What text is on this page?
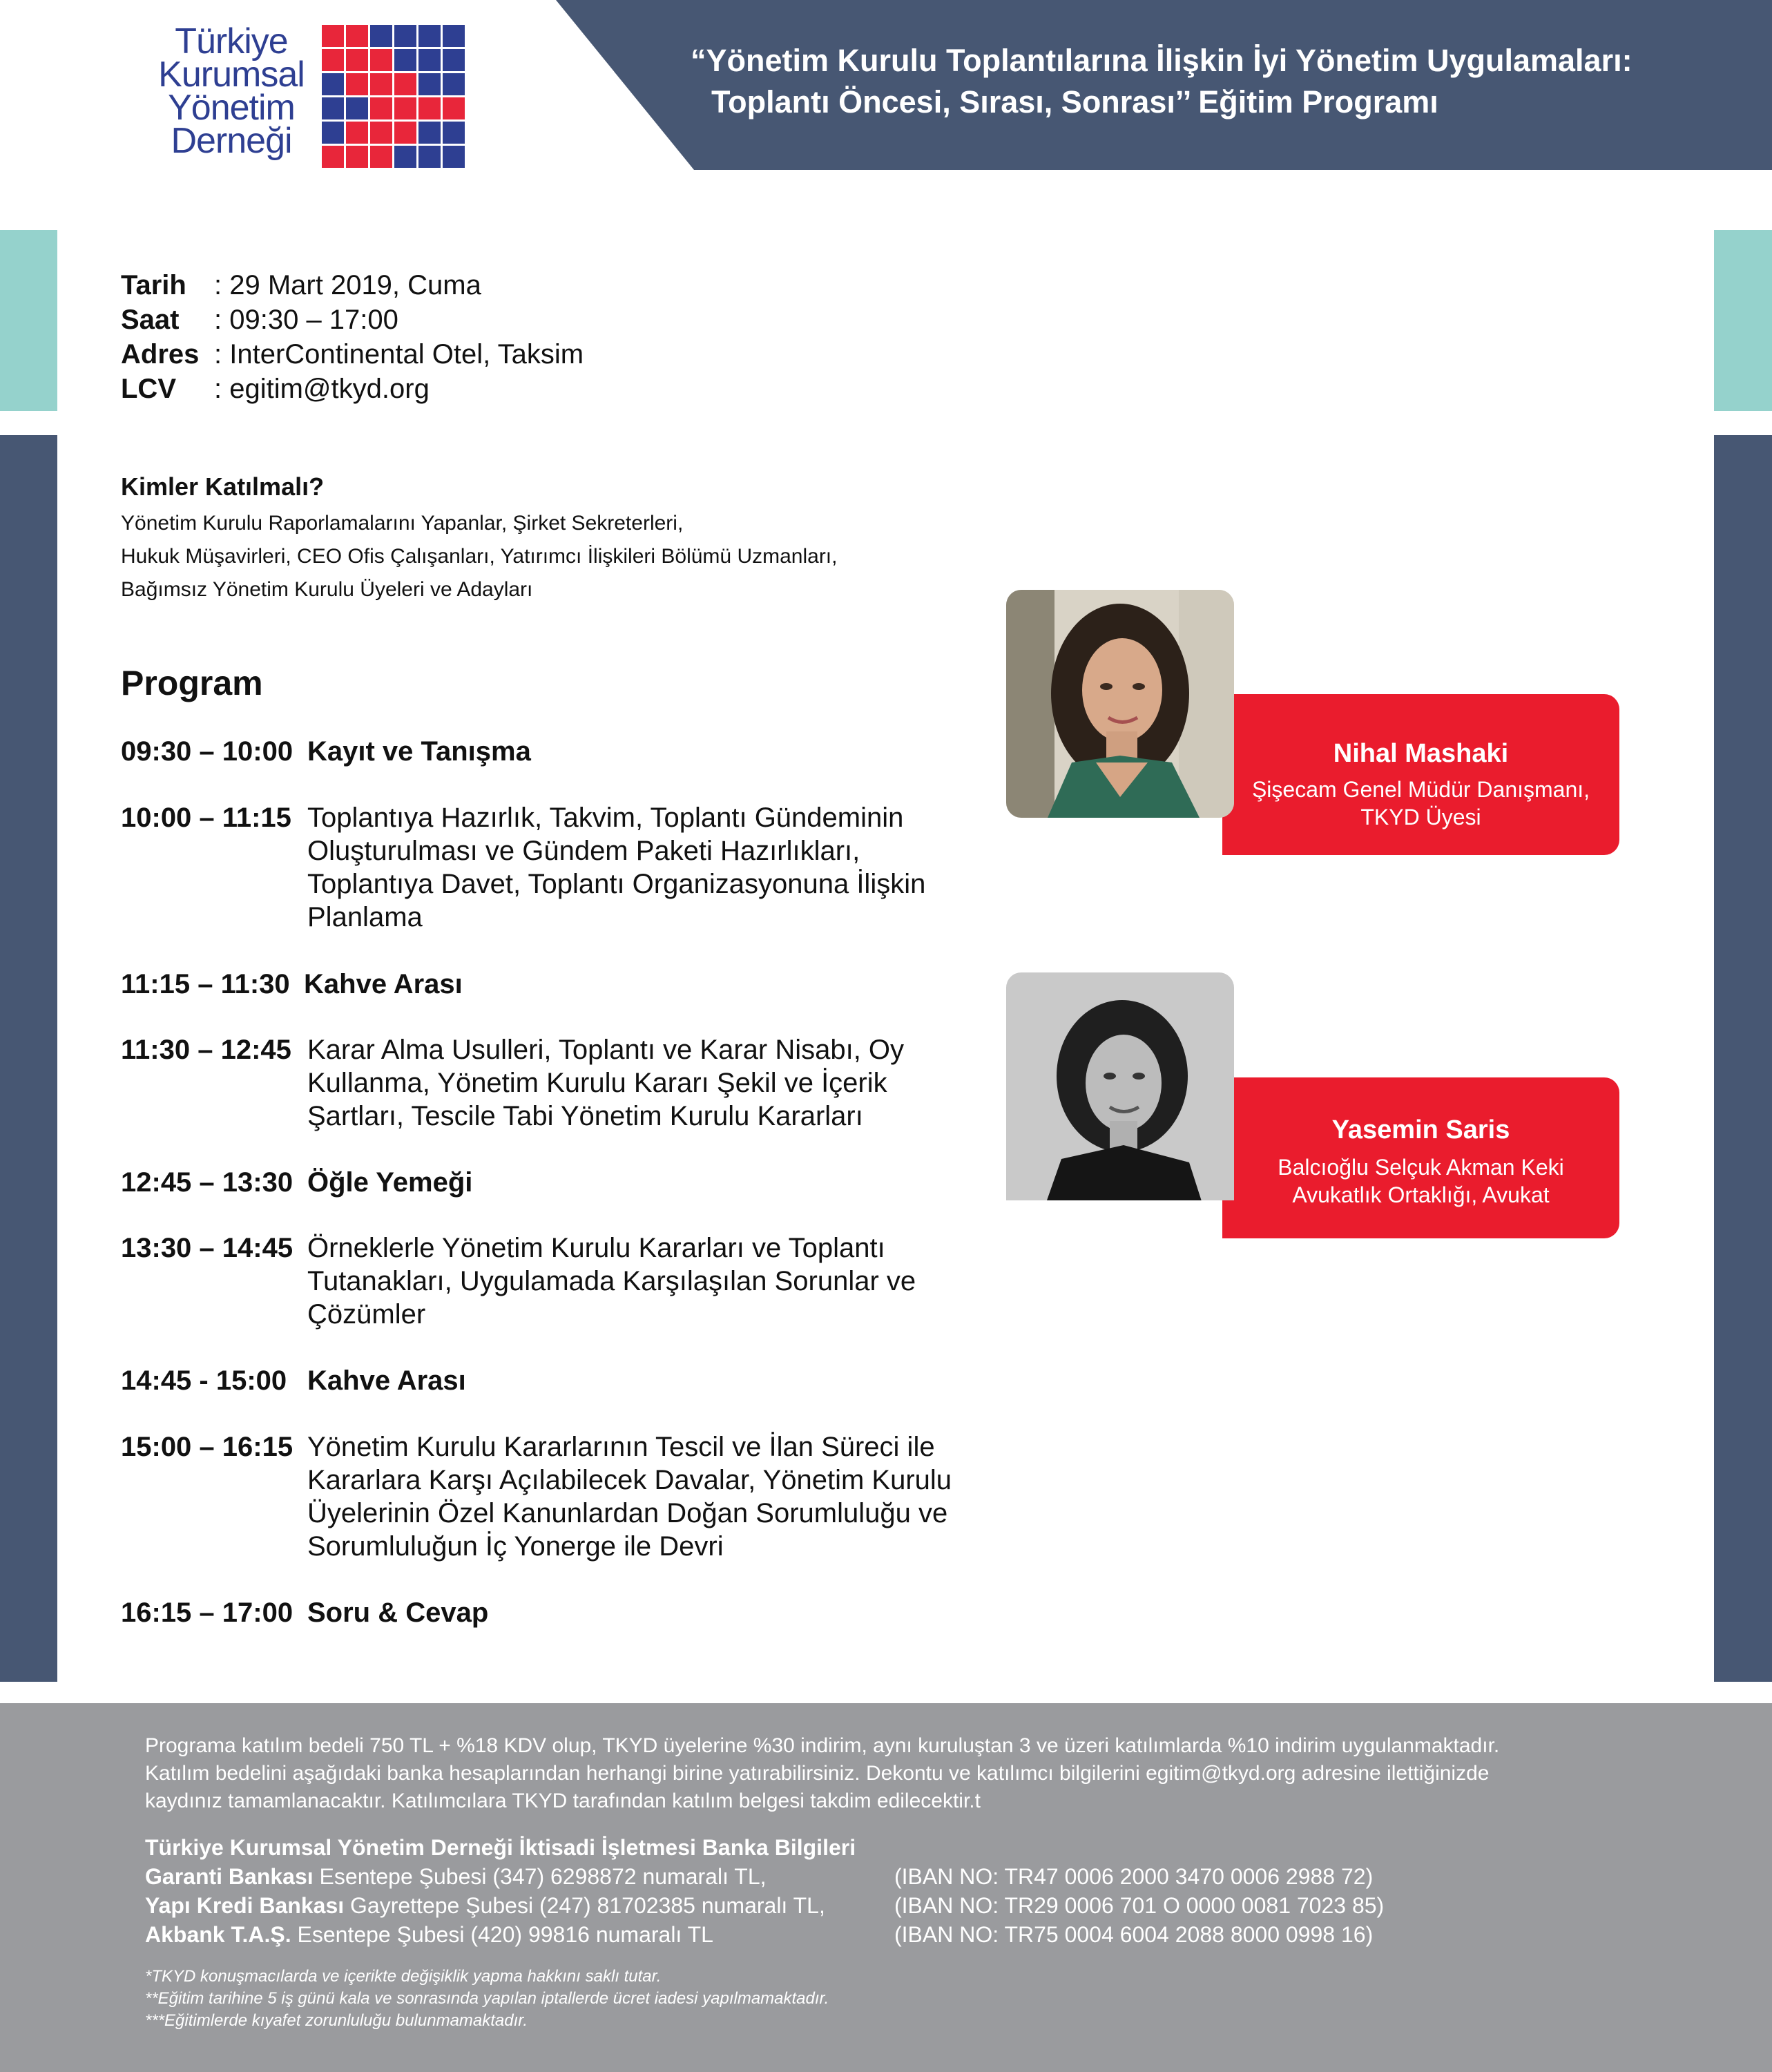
Türkiye
Kurumsal
Yönetim
Derneği
“Yönetim Kurulu Toplantılarına İlişkin İyi Yönetim Uygulamaları:
Toplantı Öncesi, Sırası, Sonrası’’ Eğitim Programı
Tarih : 29 Mart 2019, Cuma
Saat : 09:30 – 17:00
Adres : InterContinental Otel, Taksim
LCV : egitim@tkyd.org
Kimler Katılmalı?
Yönetim Kurulu Raporlamalarını Yapanlar, Şirket Sekreterleri,
Hukuk Müşavirleri, CEO Ofis Çalışanları, Yatırımcı İlişkileri Bölümü Uzmanları,
Bağımsız Yönetim Kurulu Üyeleri ve Adayları
Program
09:30 – 10:00 Kayıt ve Tanışma
10:00 – 11:15 Toplantıya Hazırlık, Takvim, Toplantı Gündeminin
Oluşturulması ve Gündem Paketi Hazırlıkları,
Toplantıya Davet, Toplantı Organizasyonuna İlişkin
Planlama
11:15 – 11:30 Kahve Arası
11:30 – 12:45 Karar Alma Usulleri, Toplantı ve Karar Nisabı, Oy
Kullanma, Yönetim Kurulu Kararı Şekil ve İçerik
Şartları, Tescile Tabi Yönetim Kurulu Kararları
12:45 – 13:30 Öğle Yemeği
13:30 – 14:45 Örneklerle Yönetim Kurulu Kararları ve Toplantı
Tutanakları, Uygulamada Karşılaşılan Sorunlar ve
Çözümler
14:45 - 15:00 Kahve Arası
15:00 – 16:15 Yönetim Kurulu Kararlarının Tescil ve İlan Süreci ile
Kararlara Karşı Açılabilecek Davalar, Yönetim Kurulu
Üyelerinin Özel Kanunlardan Doğan Sorumluluğu ve
Sorumluluğun İç Yonerge ile Devri
16:15 – 17:00 Soru & Cevap
Nihal Mashaki
Şişecam Genel Müdür Danışmanı,
TKYD Üyesi
Yasemin Saris
Balcıoğlu Selçuk Akman Keki
Avukatlık Ortaklığı, Avukat
Programa katılım bedeli 750 TL + %18 KDV olup, TKYD üyelerine %30 indirim, aynı kuruluştan 3 ve üzeri katılımlarda %10 indirim uygulanmaktadır.
Katılım bedelini aşağıdaki banka hesaplarından herhangi birine yatırabilirsiniz. Dekontu ve katılımcı bilgilerini egitim@tkyd.org adresine ilettiğinizde
kaydınız tamamlanacaktır. Katılımcılara TKYD tarafından katılım belgesi takdim edilecektir.t
Türkiye Kurumsal Yönetim Derneği İktisadi İşletmesi Banka Bilgileri
Garanti Bankası Esentepe Şubesi (347) 6298872 numaralı TL,	(IBAN NO: TR47 0006 2000 3470 0006 2988 72)
Yapı Kredi Bankası Gayrettepe Şubesi (247) 81702385 numaralı TL,	(IBAN NO: TR29 0006 701 O 0000 0081 7023 85)
Akbank T.A.Ş. Esentepe Şubesi (420) 99816 numaralı TL	(IBAN NO: TR75 0004 6004 2088 8000 0998 16)
*TKYD konuşmacılarda ve içerikte değişiklik yapma hakkını saklı tutar.
**Eğitim tarihine 5 iş günü kala ve sonrasında yapılan iptallerde ücret iadesi yapılmamaktadır.
***Eğitimlerde kıyafet zorunluluğu bulunmamaktadır.
